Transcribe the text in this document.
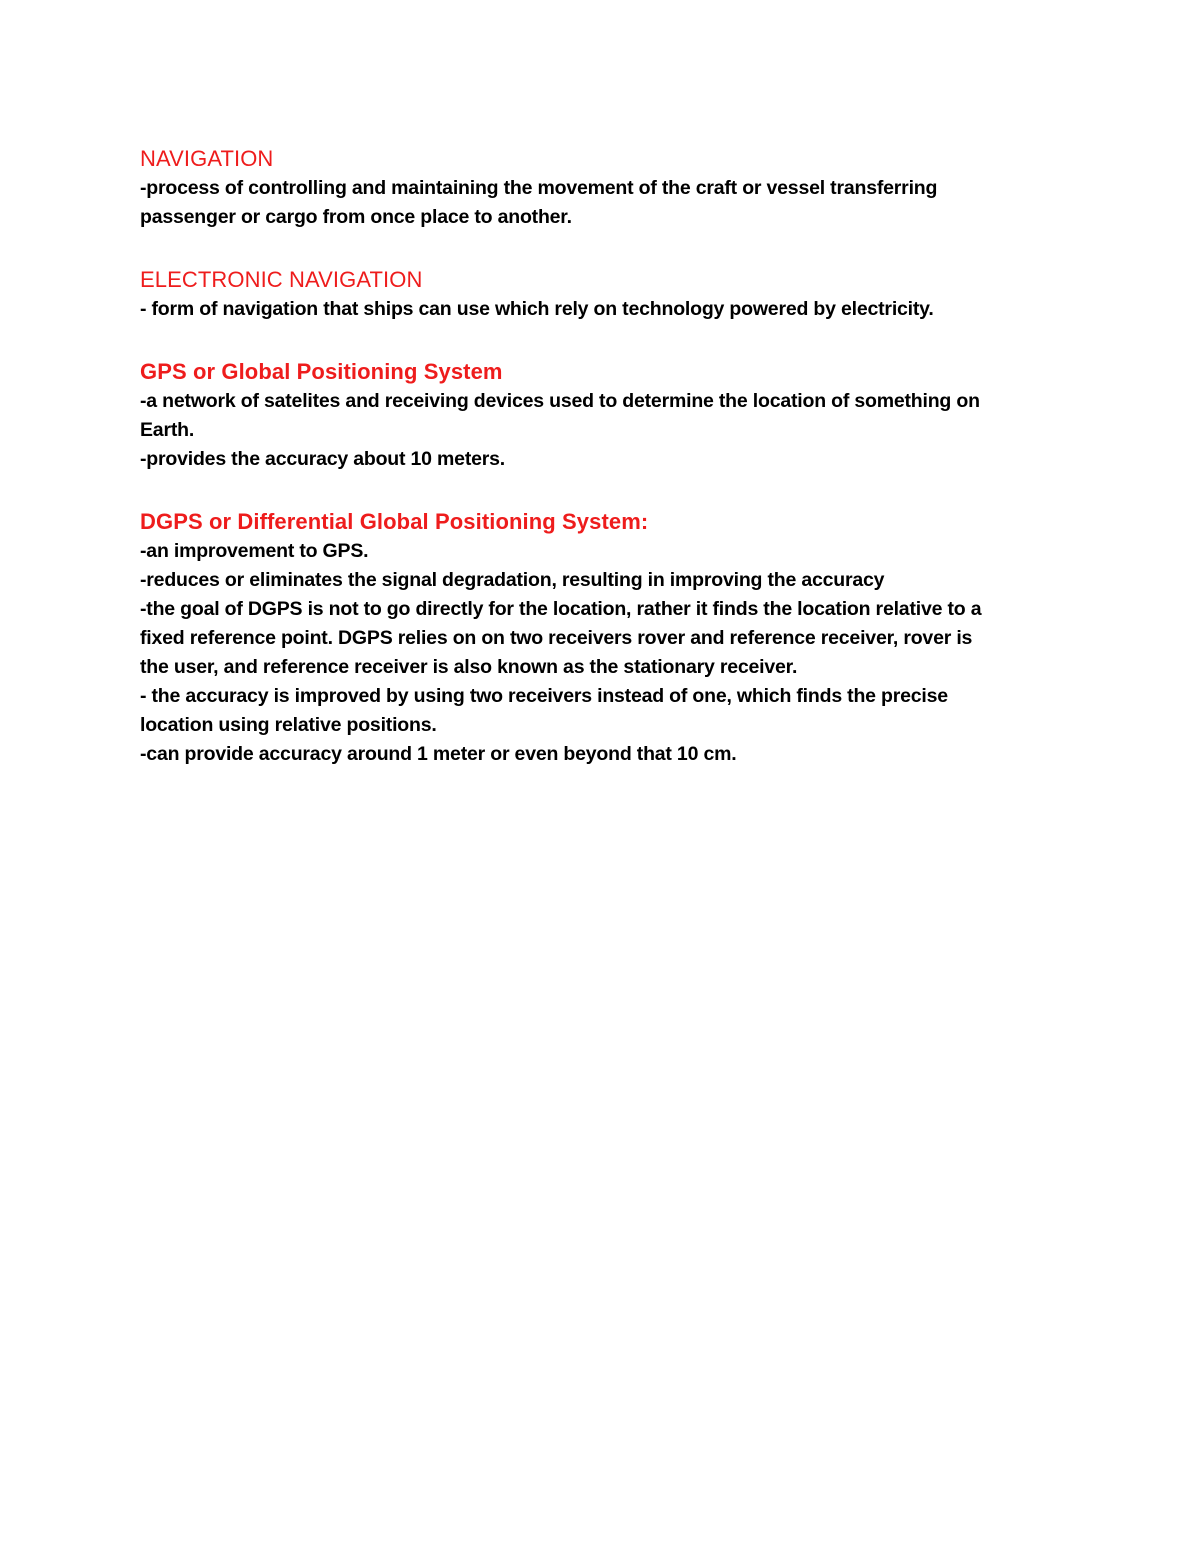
NAVIGATION
-process of controlling and maintaining the movement of the craft or vessel transferring
passenger or cargo from once place to another.
ELECTRONIC NAVIGATION
- form of navigation that ships can use which rely on technology powered by electricity.
GPS or Global Positioning System
-a network of satelites and receiving devices used to determine the location of something on
Earth.
-provides the accuracy about 10 meters.
DGPS or Differential Global Positioning System:
-an improvement to GPS.
-reduces or eliminates the signal degradation, resulting in improving the accuracy
-the goal of DGPS is not to go directly for the location, rather it finds the location relative to a
fixed reference point. DGPS relies on on two receivers rover and reference receiver, rover is
the user, and reference receiver is also known as the stationary receiver.
- the accuracy is improved by using two receivers instead of one, which finds the precise
location using relative positions.
-can provide accuracy around 1 meter or even beyond that 10 cm.
